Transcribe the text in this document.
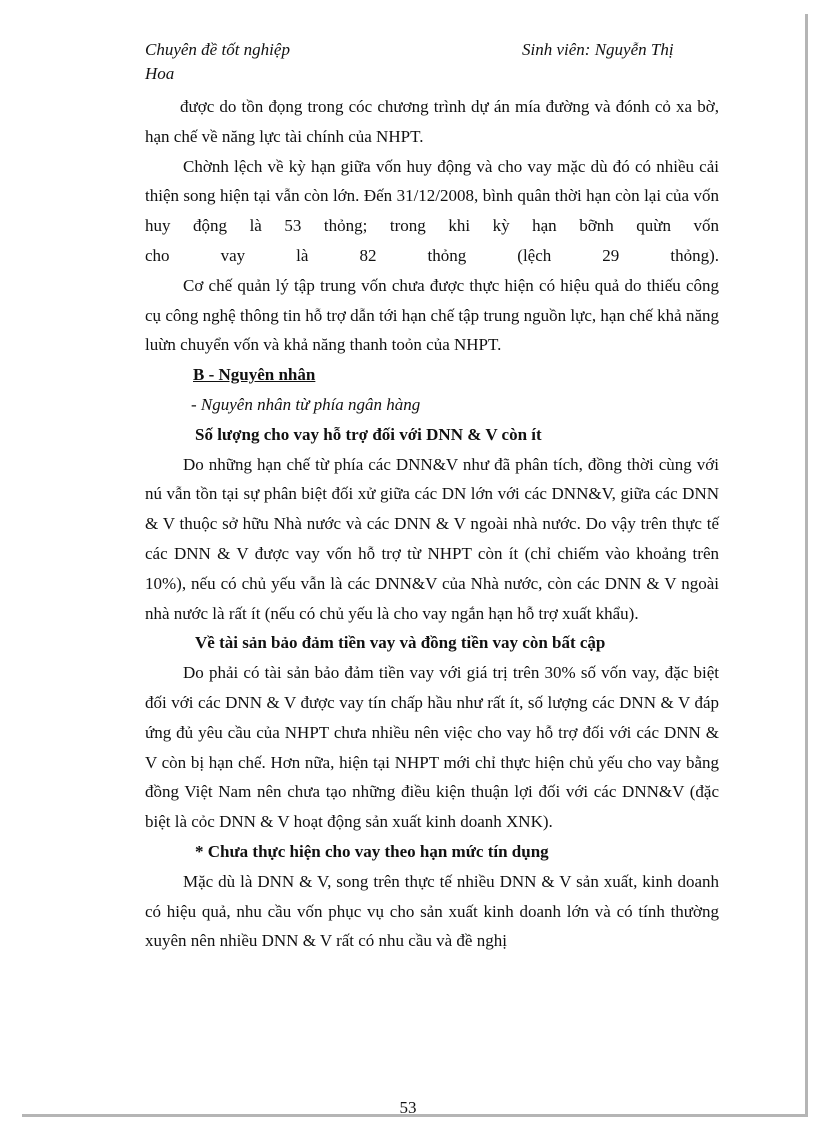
Chuyên đề tốt nghiệp
Hoa
Sinh viên: Nguyễn Thị

được do tồn đọng trong cóc chương trình dự án mía đường và đónh cỏ xa bờ, hạn chế về năng lực tài chính của NHPT.

Chờnh lệch về kỳ hạn giữa vốn huy động và cho vay mặc dù đó có nhiều cải thiện song hiện tại vẫn còn lớn. Đến 31/12/2008, bình quân thời hạn còn lại của vốn huy động là 53 thỏng; trong khi kỳ hạn bỡnh quừn vốn

cho vay là 82 thỏng (lệch 29 thỏng).

Cơ chế quản lý tập trung vốn chưa được thực hiện có hiệu quả do thiếu công cụ công nghệ thông tin hỗ trợ dẫn tới hạn chế tập trung nguồn lực, hạn chế khả năng luừn chuyển vốn và khả năng thanh toỏn của NHPT.

B - Nguyên nhân
- Nguyên nhân từ phía ngân hàng
Số lượng cho vay hỗ trợ đối với DNN & V còn ít

Do những hạn chế từ phía các DNN&V như đã phân tích, đồng thời cùng với nú vẫn tồn tại sự phân biệt đối xử giữa các DN lớn với các DNN&V, giữa các DNN & V thuộc sở hữu Nhà nước và các DNN & V ngoài nhà nước. Do vậy trên thực tế các DNN & V được vay vốn hỗ trợ từ NHPT còn ít (chỉ chiếm vào khoảng trên 10%), nếu có chủ yếu vẫn là các DNN&V của Nhà nước, còn các DNN & V ngoài nhà nước là rất ít (nếu có chủ yếu là cho vay ngắn hạn hỗ trợ xuất khẩu).

Về tài sản bảo đảm tiền vay và đồng tiền vay còn bất cập

Do phải có tài sản bảo đảm tiền vay với giá trị trên 30% số vốn vay, đặc biệt đối với các DNN & V được vay tín chấp hầu như rất ít, số lượng các DNN & V đáp ứng đủ yêu cầu của NHPT chưa nhiều nên việc cho vay hỗ trợ đối với các DNN & V còn bị hạn chế. Hơn nữa, hiện tại NHPT mới chỉ thực hiện chủ yếu cho vay bằng đồng Việt Nam nên chưa tạo những điều kiện thuận lợi đối với các DNN&V (đặc biệt là cỏc DNN & V hoạt động sản xuất kinh doanh XNK).

* Chưa thực hiện cho vay theo hạn mức tín dụng

Mặc dù là DNN & V, song trên thực tế nhiều DNN & V sản xuất, kinh doanh có hiệu quả, nhu cầu vốn phục vụ cho sản xuất kinh doanh lớn và có tính thường xuyên nên nhiều DNN & V rất có nhu cầu và đề nghị

53
